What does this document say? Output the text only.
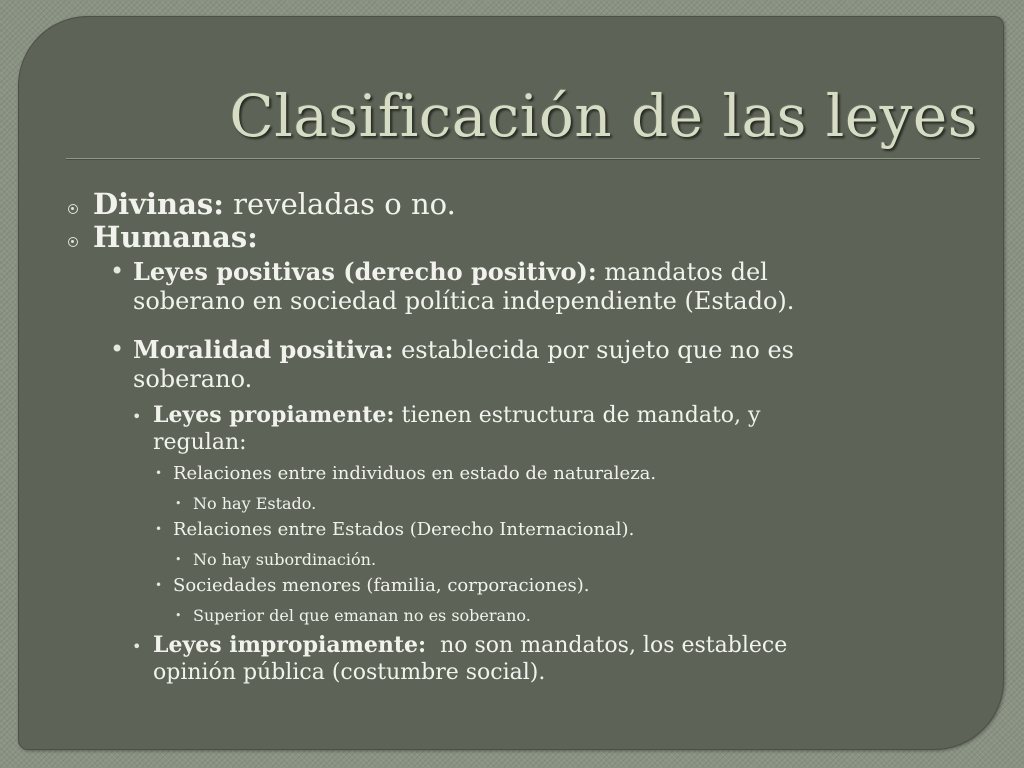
Clasificación de las leyes
Divinas: reveladas o no.
Humanas:
• Leyes positivas (derecho positivo): mandatos del
soberano en sociedad política independiente (Estado).
• Moralidad positiva: establecida por sujeto que no es
soberano.
• Leyes propiamente: tienen estructura de mandato, y
regulan:
• Relaciones entre individuos en estado de naturaleza.
• No hay Estado.
• Relaciones entre Estados (Derecho Internacional).
• No hay subordinación.
• Sociedades menores (familia, corporaciones).
• Superior del que emanan no es soberano.
• Leyes impropiamente:  no son mandatos, los establece
opinión pública (costumbre social).
